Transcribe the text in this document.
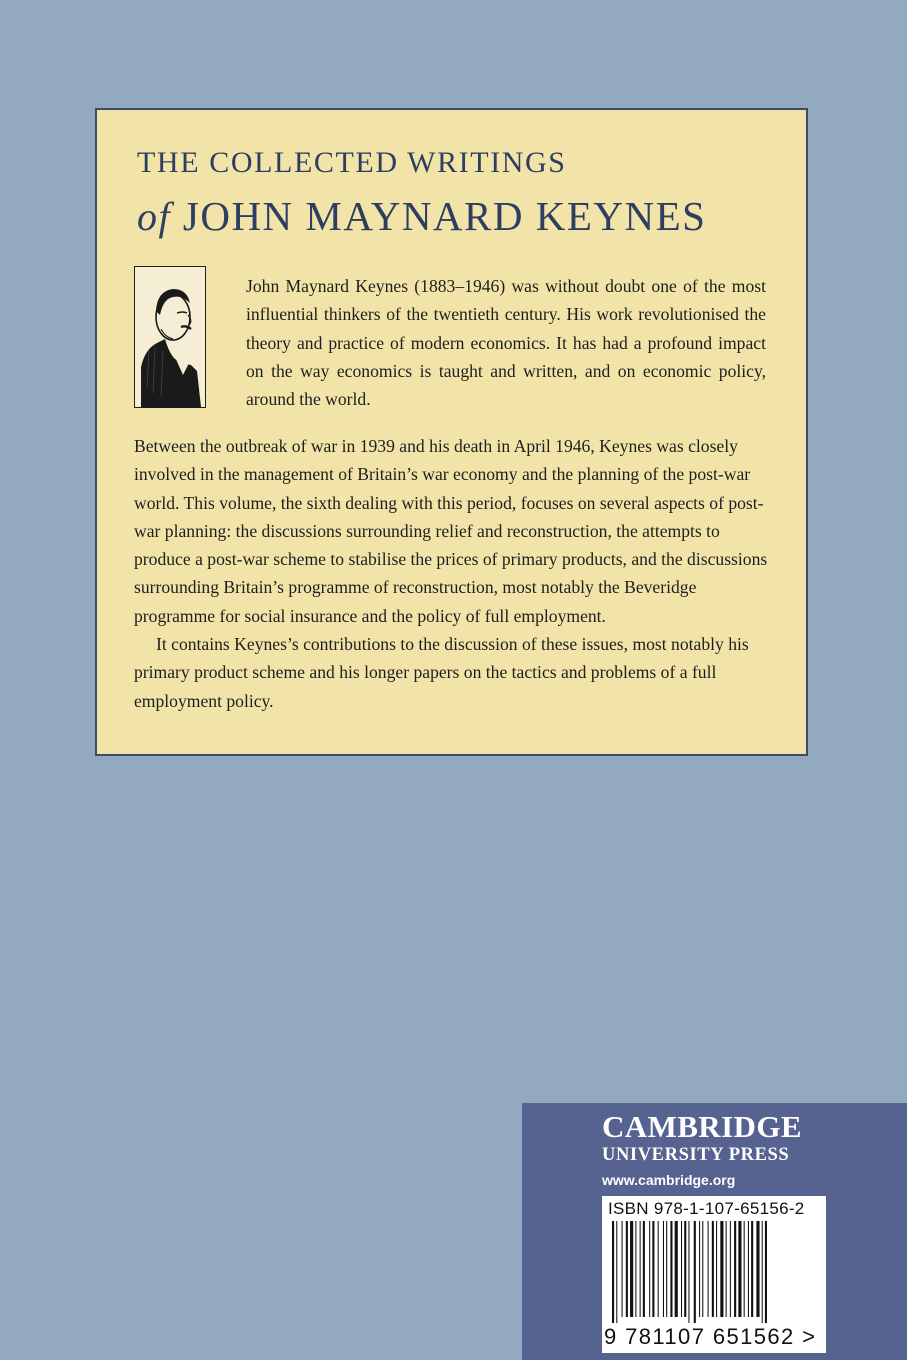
THE COLLECTED WRITINGS
of JOHN MAYNARD KEYNES

John Maynard Keynes (1883–1946) was without doubt one of the most influential thinkers of the twentieth century. His work revolutionised the theory and practice of modern economics. It has had a profound impact on the way economics is taught and written, and on economic policy, around the world.

Between the outbreak of war in 1939 and his death in April 1946, Keynes was closely involved in the management of Britain’s war economy and the planning of the post-war world. This volume, the sixth dealing with this period, focuses on several aspects of post-war planning: the discussions surrounding relief and reconstruction, the attempts to produce a post-war scheme to stabilise the prices of primary products, and the discussions surrounding Britain’s programme of reconstruction, most notably the Beveridge programme for social insurance and the policy of full employment.

It contains Keynes’s contributions to the discussion of these issues, most notably his primary product scheme and his longer papers on the tactics and problems of a full employment policy.

CAMBRIDGE
UNIVERSITY PRESS
www.cambridge.org
ISBN 978-1-107-65156-2
9 781107 651562 >
